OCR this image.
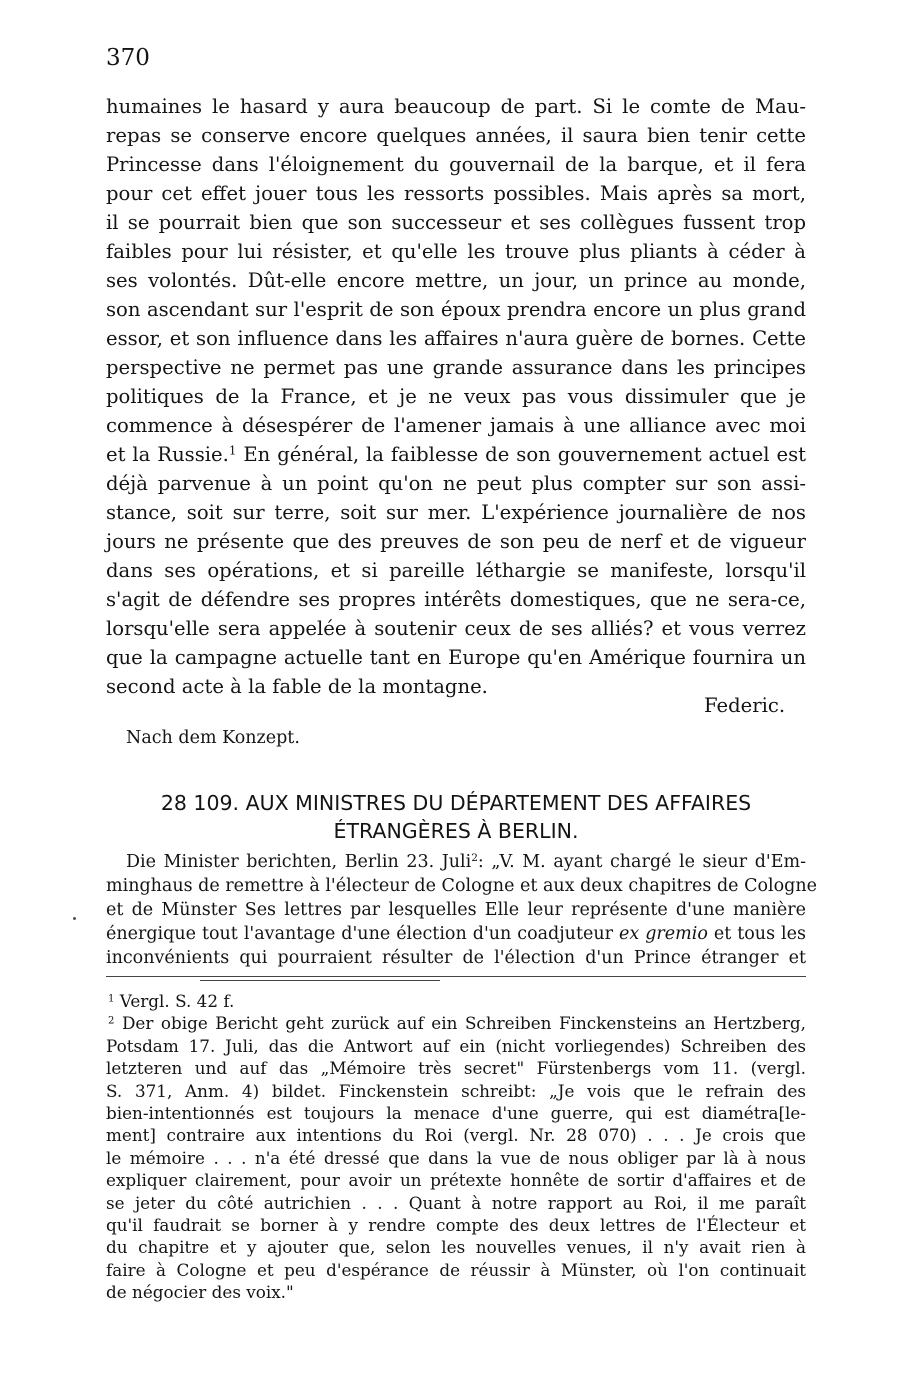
370
humaines le hasard y aura beaucoup de part. Si le comte de Mau-
repas se conserve encore quelques années, il saura bien tenir cette
Princesse dans l'éloignement du gouvernail de la barque, et il fera
pour cet effet jouer tous les ressorts possibles. Mais après sa mort,
il se pourrait bien que son successeur et ses collègues fussent trop
faibles pour lui résister, et qu'elle les trouve plus pliants à céder à
ses volontés. Dût-elle encore mettre, un jour, un prince au monde,
son ascendant sur l'esprit de son époux prendra encore un plus grand
essor, et son influence dans les affaires n'aura guère de bornes. Cette
perspective ne permet pas une grande assurance dans les principes
politiques de la France, et je ne veux pas vous dissimuler que je
commence à désespérer de l'amener jamais à une alliance avec moi
et la Russie.$^1$ En général, la faiblesse de son gouvernement actuel est
déjà parvenue à un point qu'on ne peut plus compter sur son assi-
stance, soit sur terre, soit sur mer. L'expérience journalière de nos
jours ne présente que des preuves de son peu de nerf et de vigueur
dans ses opérations, et si pareille léthargie se manifeste, lorsqu'il
s'agit de défendre ses propres intérêts domestiques, que ne sera-ce,
lorsqu'elle sera appelée à soutenir ceux de ses alliés? et vous verrez
que la campagne actuelle tant en Europe qu'en Amérique fournira un
second acte à la fable de la montagne.
Federic.
Nach dem Konzept.
28 109. AUX MINISTRES DU DÉPARTEMENT DES AFFAIRES
ÉTRANGÈRES À BERLIN.
Die Minister berichten, Berlin 23. Juli$^2$: „V. M. ayant chargé le sieur d'Em-
minghaus de remettre à l'électeur de Cologne et aux deux chapitres de Cologne
et de Münster Ses lettres par lesquelles Elle leur représente d'une manière
énergique tout l'avantage d'une élection d'un coadjuteur ex gremio et tous les
inconvénients qui pourraient résulter de l'élection d'un Prince étranger et
$^1$ Vergl. S. 42 f.
$^2$ Der obige Bericht geht zurück auf ein Schreiben Finckensteins an Hertzberg,
Potsdam 17. Juli, das die Antwort auf ein (nicht vorliegendes) Schreiben des
letzteren und auf das „Mémoire très secret" Fürstenbergs vom 11. (vergl.
S. 371, Anm. 4) bildet. Finckenstein schreibt: „Je vois que le refrain des
bien-intentionnés est toujours la menace d'une guerre, qui est diamétra[le-
ment] contraire aux intentions du Roi (vergl. Nr. 28 070) . . . Je crois que
le mémoire . . . n'a été dressé que dans la vue de nous obliger par là à nous
expliquer clairement, pour avoir un prétexte honnête de sortir d'affaires et de
se jeter du côté autrichien . . . Quant à notre rapport au Roi, il me paraît
qu'il faudrait se borner à y rendre compte des deux lettres de l'Électeur et
du chapitre et y ajouter que, selon les nouvelles venues, il n'y avait rien à
faire à Cologne et peu d'espérance de réussir à Münster, où l'on continuait
de négocier des voix."
